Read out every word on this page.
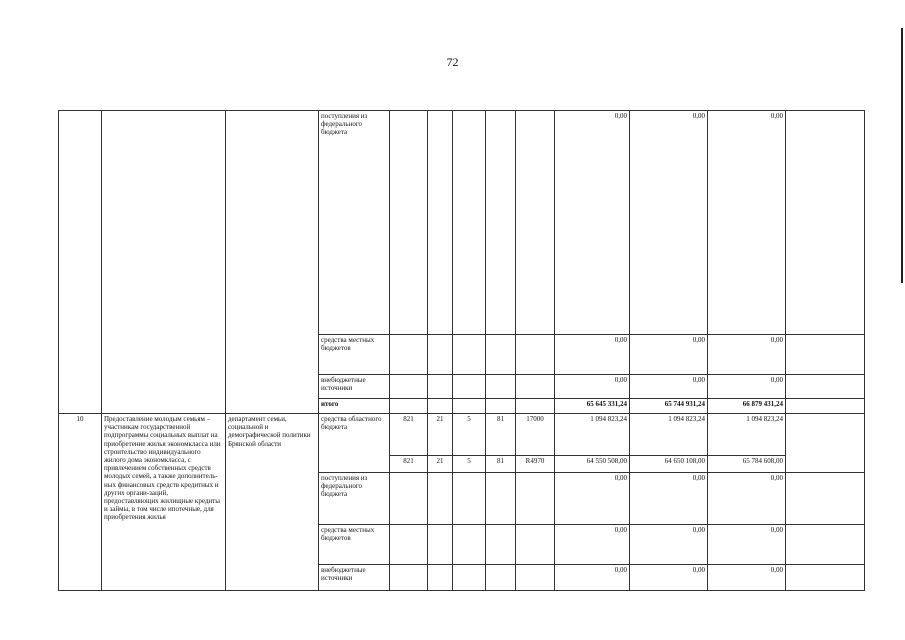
72
			поступления из федерального бюджета						0,00	0,00	0,00	
			средства местных бюджетов						0,00	0,00	0,00	
			внебюджетные источники						0,00	0,00	0,00	
			итого						65 645 331,24	65 744 931,24	66 879 431,24	
10	Предоставление молодым семьям – участникам государственной подпрограммы социальных выплат на приобретение жилья экономкласса или строительство индивидуального жилого дома экономкласса, с привлечением собственных средств молодых семей, а также дополнитель-ных финансовых средств кредитных и других органи-заций, предоставляющих жилищные кредиты и займы, в том числе ипотечные, для приобретения жилья	департамент семьи, социальной и демографической политики Брянской области	средства областного бюджета	821	21	5	81	17000	1 094 823,24	1 094 823,24	1 094 823,24	
				821	21	5	81	R4970	64 550 508,00	64 650 108,00	65 784 608,00	
			поступления из федерального бюджета						0,00	0,00	0,00	
			средства местных бюджетов						0,00	0,00	0,00	
			внебюджетные источники						0,00	0,00	0,00	
